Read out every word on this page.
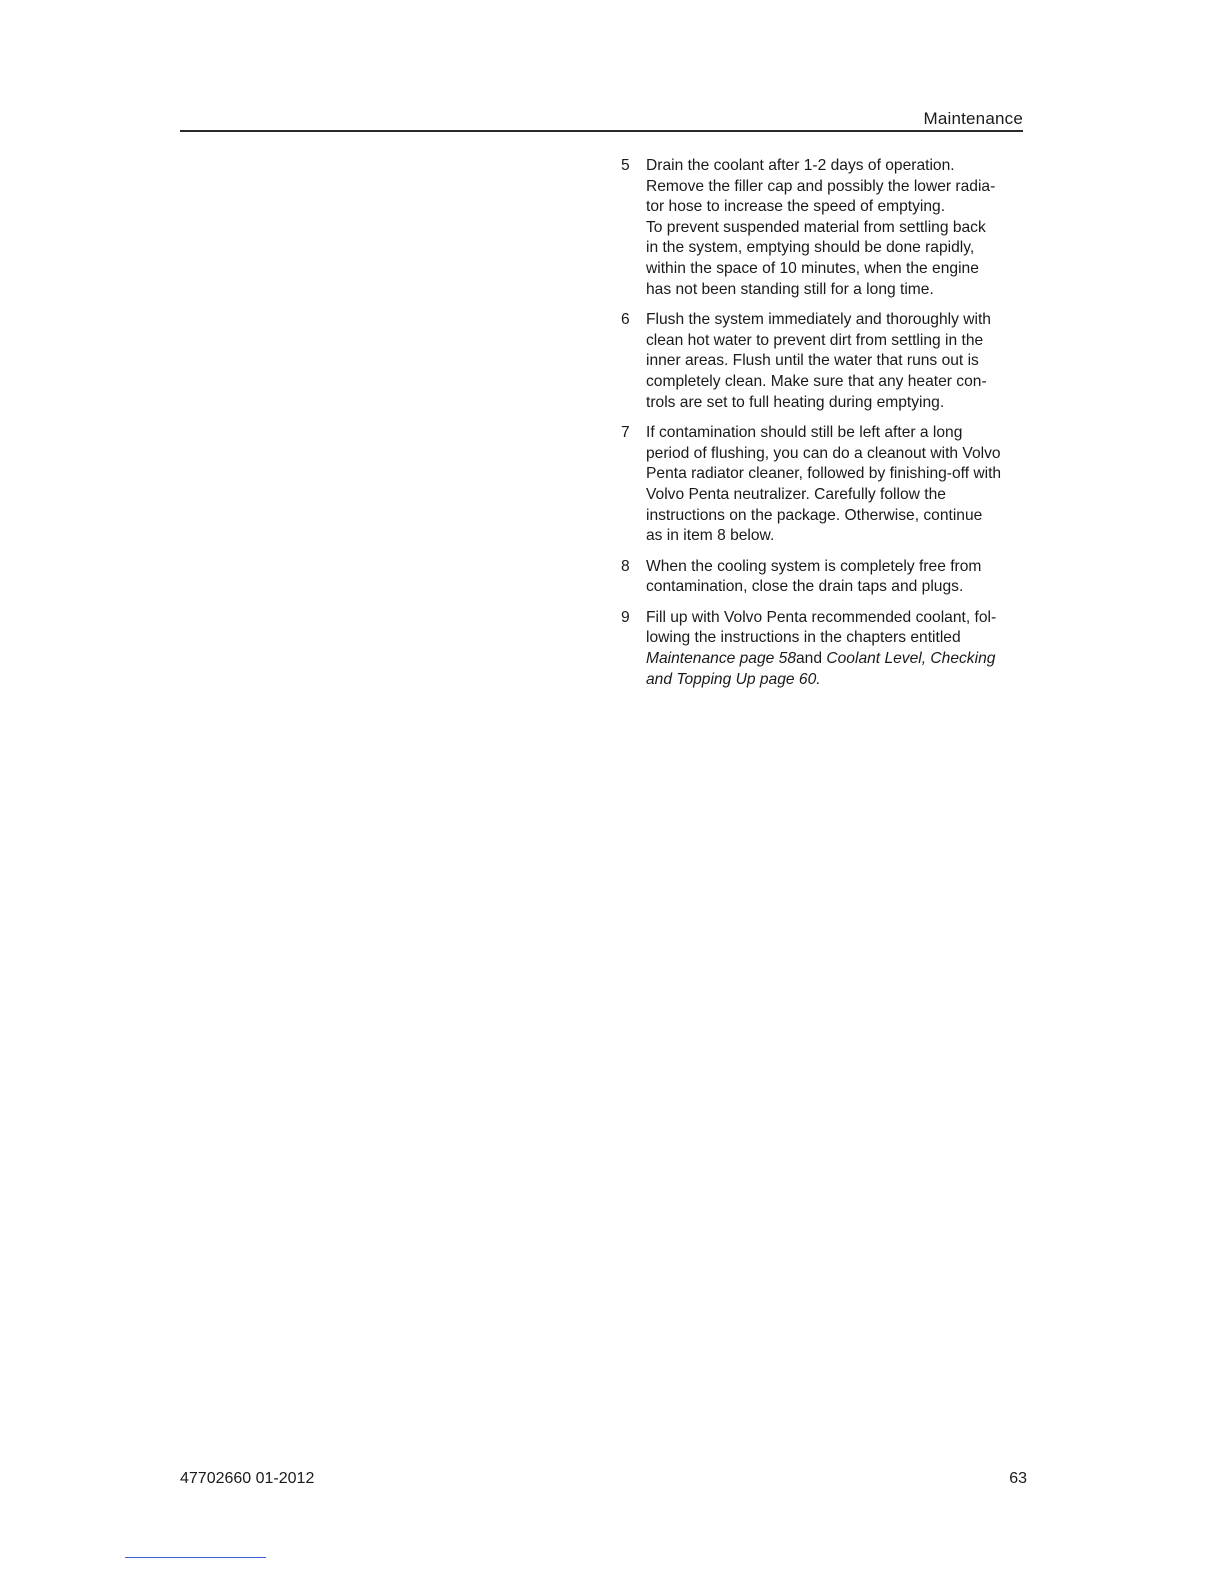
Maintenance
5 Drain the coolant after 1-2 days of operation.
Remove the filler cap and possibly the lower radia-
tor hose to increase the speed of emptying.
To prevent suspended material from settling back
in the system, emptying should be done rapidly,
within the space of 10 minutes, when the engine
has not been standing still for a long time.
6 Flush the system immediately and thoroughly with
clean hot water to prevent dirt from settling in the
inner areas. Flush until the water that runs out is
completely clean. Make sure that any heater con-
trols are set to full heating during emptying.
7 If contamination should still be left after a long
period of flushing, you can do a cleanout with Volvo
Penta radiator cleaner, followed by finishing-off with
Volvo Penta neutralizer. Carefully follow the
instructions on the package. Otherwise, continue
as in item 8 below.
8 When the cooling system is completely free from
contamination, close the drain taps and plugs.
9 Fill up with Volvo Penta recommended coolant, fol-
lowing the instructions in the chapters entitled
Maintenance page 58and Coolant Level, Checking
and Topping Up page 60.
47702660 01-2012	63
